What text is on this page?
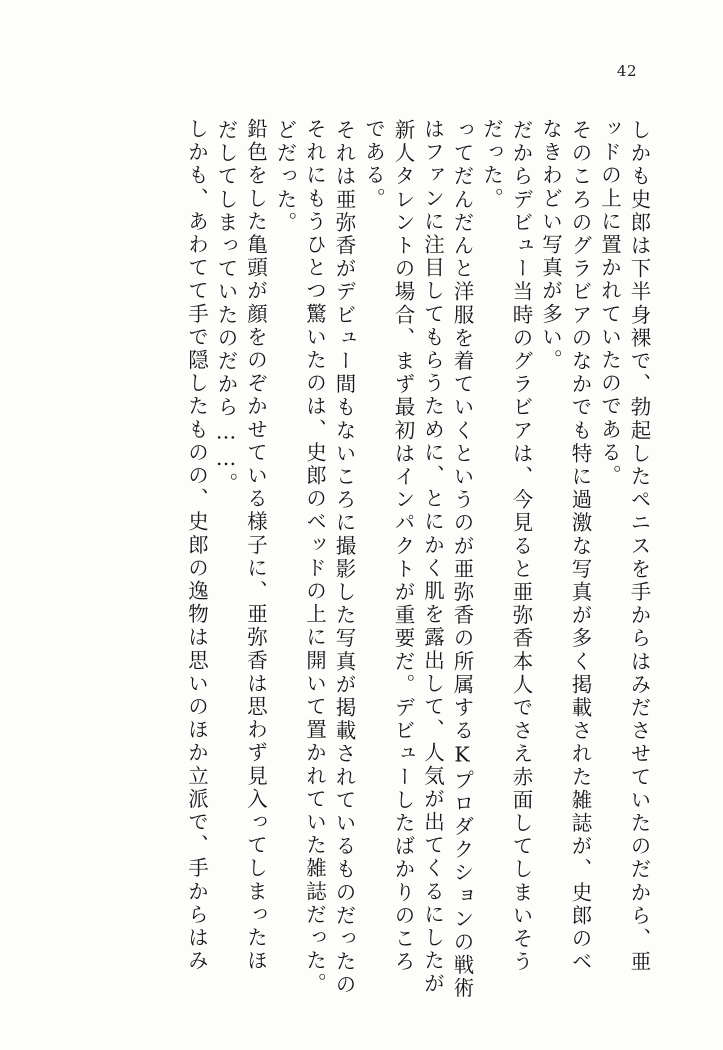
42
しかも、あわてて手で隠したものの、史郎の逸物は思いのほか立派で、手からはみ だしてしまっていたのだから……。 鉛色をした亀頭が顔をのぞかせている様子に、亜弥香は思わず見入ってしまったほ どだった。 それにもうひとつ驚いたのは、史郎のベッドの上に開いて置かれていた雑誌だった。 それは亜弥香がデビュー間もないころに撮影した写真が掲載されているものだったの である。 新人タレントの場合、まず最初はインパクトが重要だ。デビューしたばかりのころ はファンに注目してもらうために、とにかく肌を露出して、人気が出てくるにしたが ってだんだんと洋服を着ていくというのが亜弥香の所属するKプロダクションの戦術 だった。 だからデビュー当時のグラビアは、今見ると亜弥香本人でさえ赤面してしまいそう なきわどい写真が多い。 そのころのグラビアのなかでも特に過激な写真が多く掲載された雑誌が、史郎のベ ッドの上に置かれていたのである。 しかも史郎は下半身裸で、勃起したペニスを手からはみださせていたのだから、亜
